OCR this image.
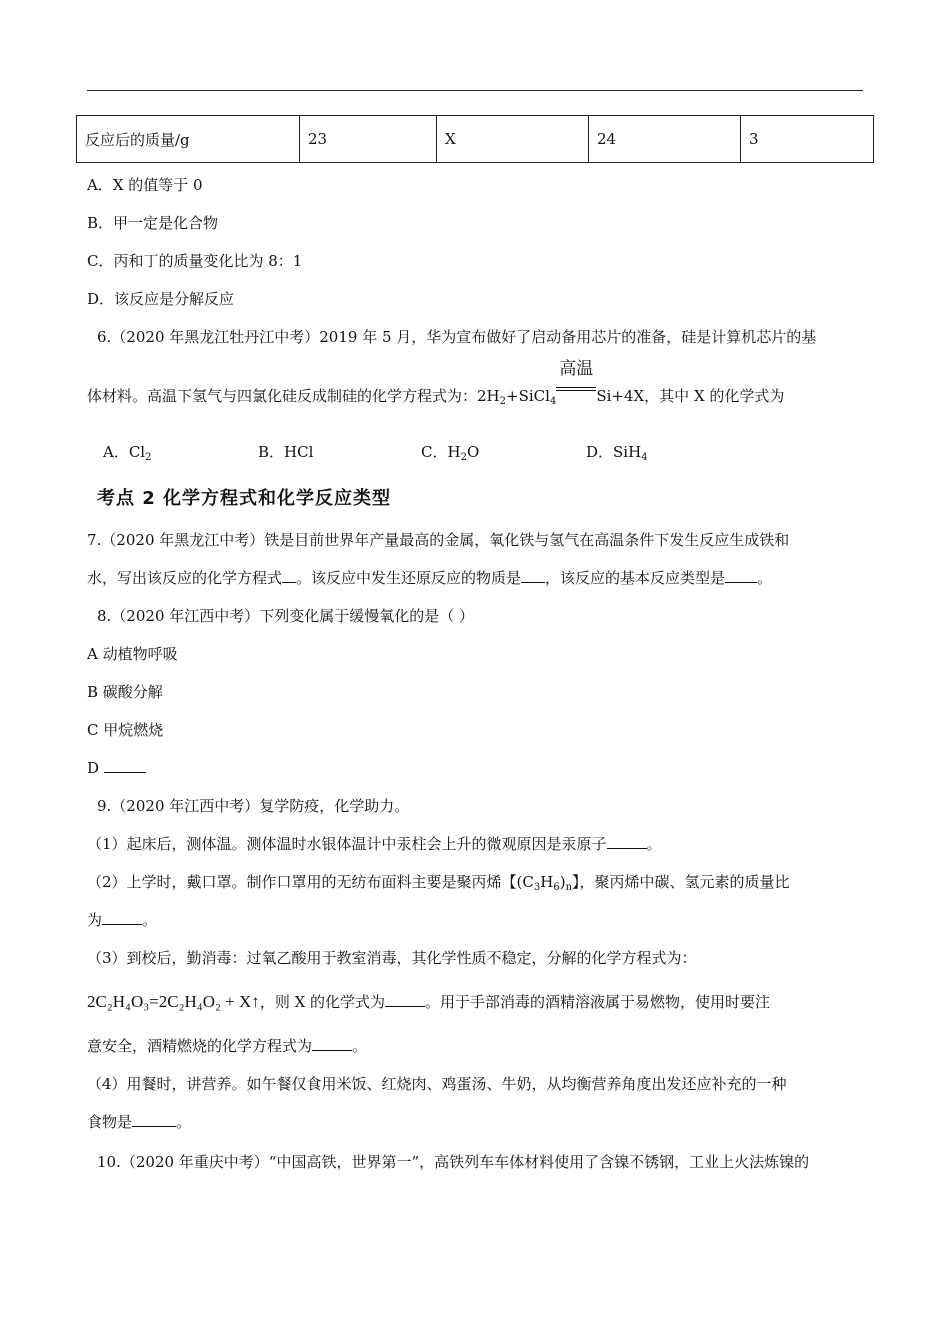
反应后的质量/g	23	X	24	3
A．X 的值等于 0
B．甲一定是化合物
C．丙和丁的质量变化比为 8：1
D．该反应是分解反应
6.（2020 年黑龙江牡丹江中考）2019 年 5 月，华为宣布做好了启动备用芯片的准备，硅是计算机芯片的基
体材料。高温下氢气与四氯化硅反成制硅的化学方程式为：$2H_2+SiCl_4$
高温
Si+4X，其中 X 的化学式为
A．$Cl_2$	B．HCl	C．$H_2O$	D．SiH$_4$
考点 2 化学方程式和化学反应类型
7.（2020 年黑龙江中考）铁是目前世界年产量最高的金属，氧化铁与氢气在高温条件下发生反应生成铁和
水，写出该反应的化学方程式 。该反应中发生还原反应的物质是 ，该反应的基本反应类型是 。
8.（2020 年江西中考）下列变化属于缓慢氧化的是（ ）
A 动植物呼吸
B 碳酸分解
C 甲烷燃烧
D
9.（2020 年江西中考）复学防疫，化学助力。
（1）起床后，测体温。测体温时水银体温计中汞柱会上升的微观原因是汞原子	。
（2）上学时，戴口罩。制作口罩用的无纺布面料主要是聚丙烯【$(C_3H_6)_n$】，聚丙烯中碳、氢元素的质量比
为	。
（3）到校后，勤消毒：过氧乙酸用于教室消毒，其化学性质不稳定，分解的化学方程式为：
2C₂H₄O₃=2C₂H₄O₂ + X↑，则 X 的化学式为	。用于手部消毒的酒精溶液属于易燃物，使用时要注
意安全，酒精燃烧的化学方程式为	。
（4）用餐时，讲营养。如午餐仅食用米饭、红烧肉、鸡蛋汤、牛奶，从均衡营养角度出发还应补充的一种
食物是	。
10.（2020 年重庆中考）“中国高铁，世界第一”，高铁列车车体材料使用了含镍不锈钢，工业上火法炼镍的
